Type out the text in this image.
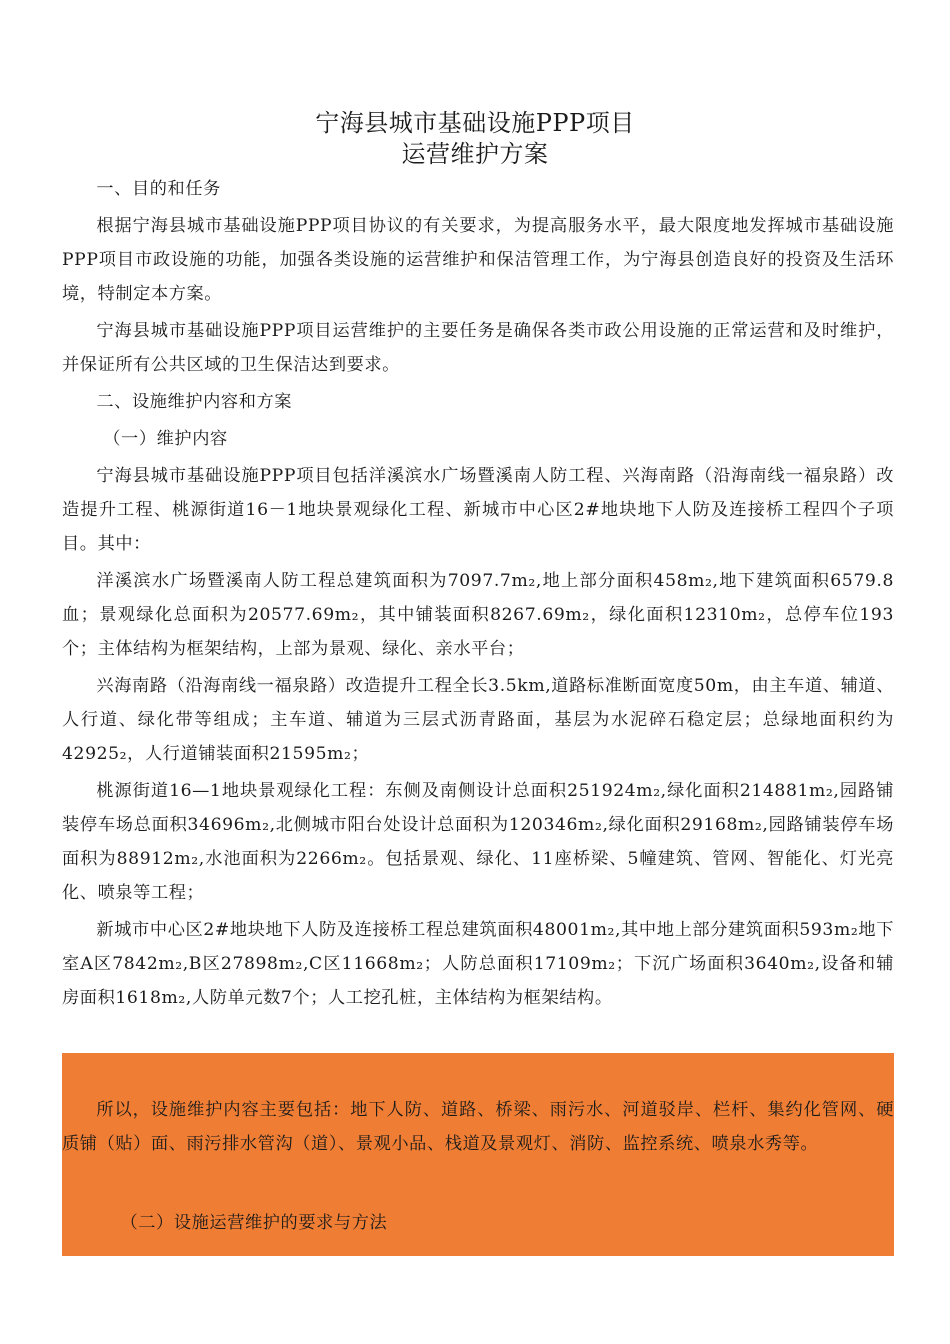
宁海县城市基础设施PPP项目
运营维护方案

一、目的和任务

根据宁海县城市基础设施PPP项目协议的有关要求，为提高服务水平，最大限度地发挥城市基础设施PPP项目市政设施的功能，加强各类设施的运营维护和保洁管理工作，为宁海县创造良好的投资及生活环境，特制定本方案。

宁海县城市基础设施PPP项目运营维护的主要任务是确保各类市政公用设施的正常运营和及时维护，并保证所有公共区域的卫生保洁达到要求。

二、设施维护内容和方案

（一）维护内容

宁海县城市基础设施PPP项目包括洋溪滨水广场暨溪南人防工程、兴海南路（沿海南线一福泉路）改造提升工程、桃源街道16－1地块景观绿化工程、新城市中心区2#地块地下人防及连接桥工程四个子项目。其中：

洋溪滨水广场暨溪南人防工程总建筑面积为7097.7m₂,地上部分面积458m₂,地下建筑面积6579.8血；景观绿化总面积为20577.69m₂，其中铺装面积8267.69m₂，绿化面积12310m₂，总停车位193个；主体结构为框架结构，上部为景观、绿化、亲水平台；

兴海南路（沿海南线一福泉路）改造提升工程全长3.5km,道路标准断面宽度50m，由主车道、辅道、人行道、绿化带等组成；主车道、辅道为三层式沥青路面，基层为水泥碎石稳定层；总绿地面积约为42925₂，人行道铺装面积21595m₂；

桃源街道16—1地块景观绿化工程：东侧及南侧设计总面积251924m₂,绿化面积214881m₂,园路铺装停车场总面积34696m₂,北侧城市阳台处设计总面积为120346m₂,绿化面积29168m₂,园路铺装停车场面积为88912m₂,水池面积为2266m₂。包括景观、绿化、11座桥梁、5幢建筑、管网、智能化、灯光亮化、喷泉等工程；

新城市中心区2#地块地下人防及连接桥工程总建筑面积48001m₂,其中地上部分建筑面积593m₂地下室A区7842m₂,B区27898m₂,C区11668m₂；人防总面积17109m₂；下沉广场面积3640m₂,设备和辅房面积1618m₂,人防单元数7个；人工挖孔桩，主体结构为框架结构。

所以，设施维护内容主要包括：地下人防、道路、桥梁、雨污水、河道驳岸、栏杆、集约化管网、硬质铺（贴）面、雨污排水管沟（道）、景观小品、栈道及景观灯、消防、监控系统、喷泉水秀等。

（二）设施运营维护的要求与方法
